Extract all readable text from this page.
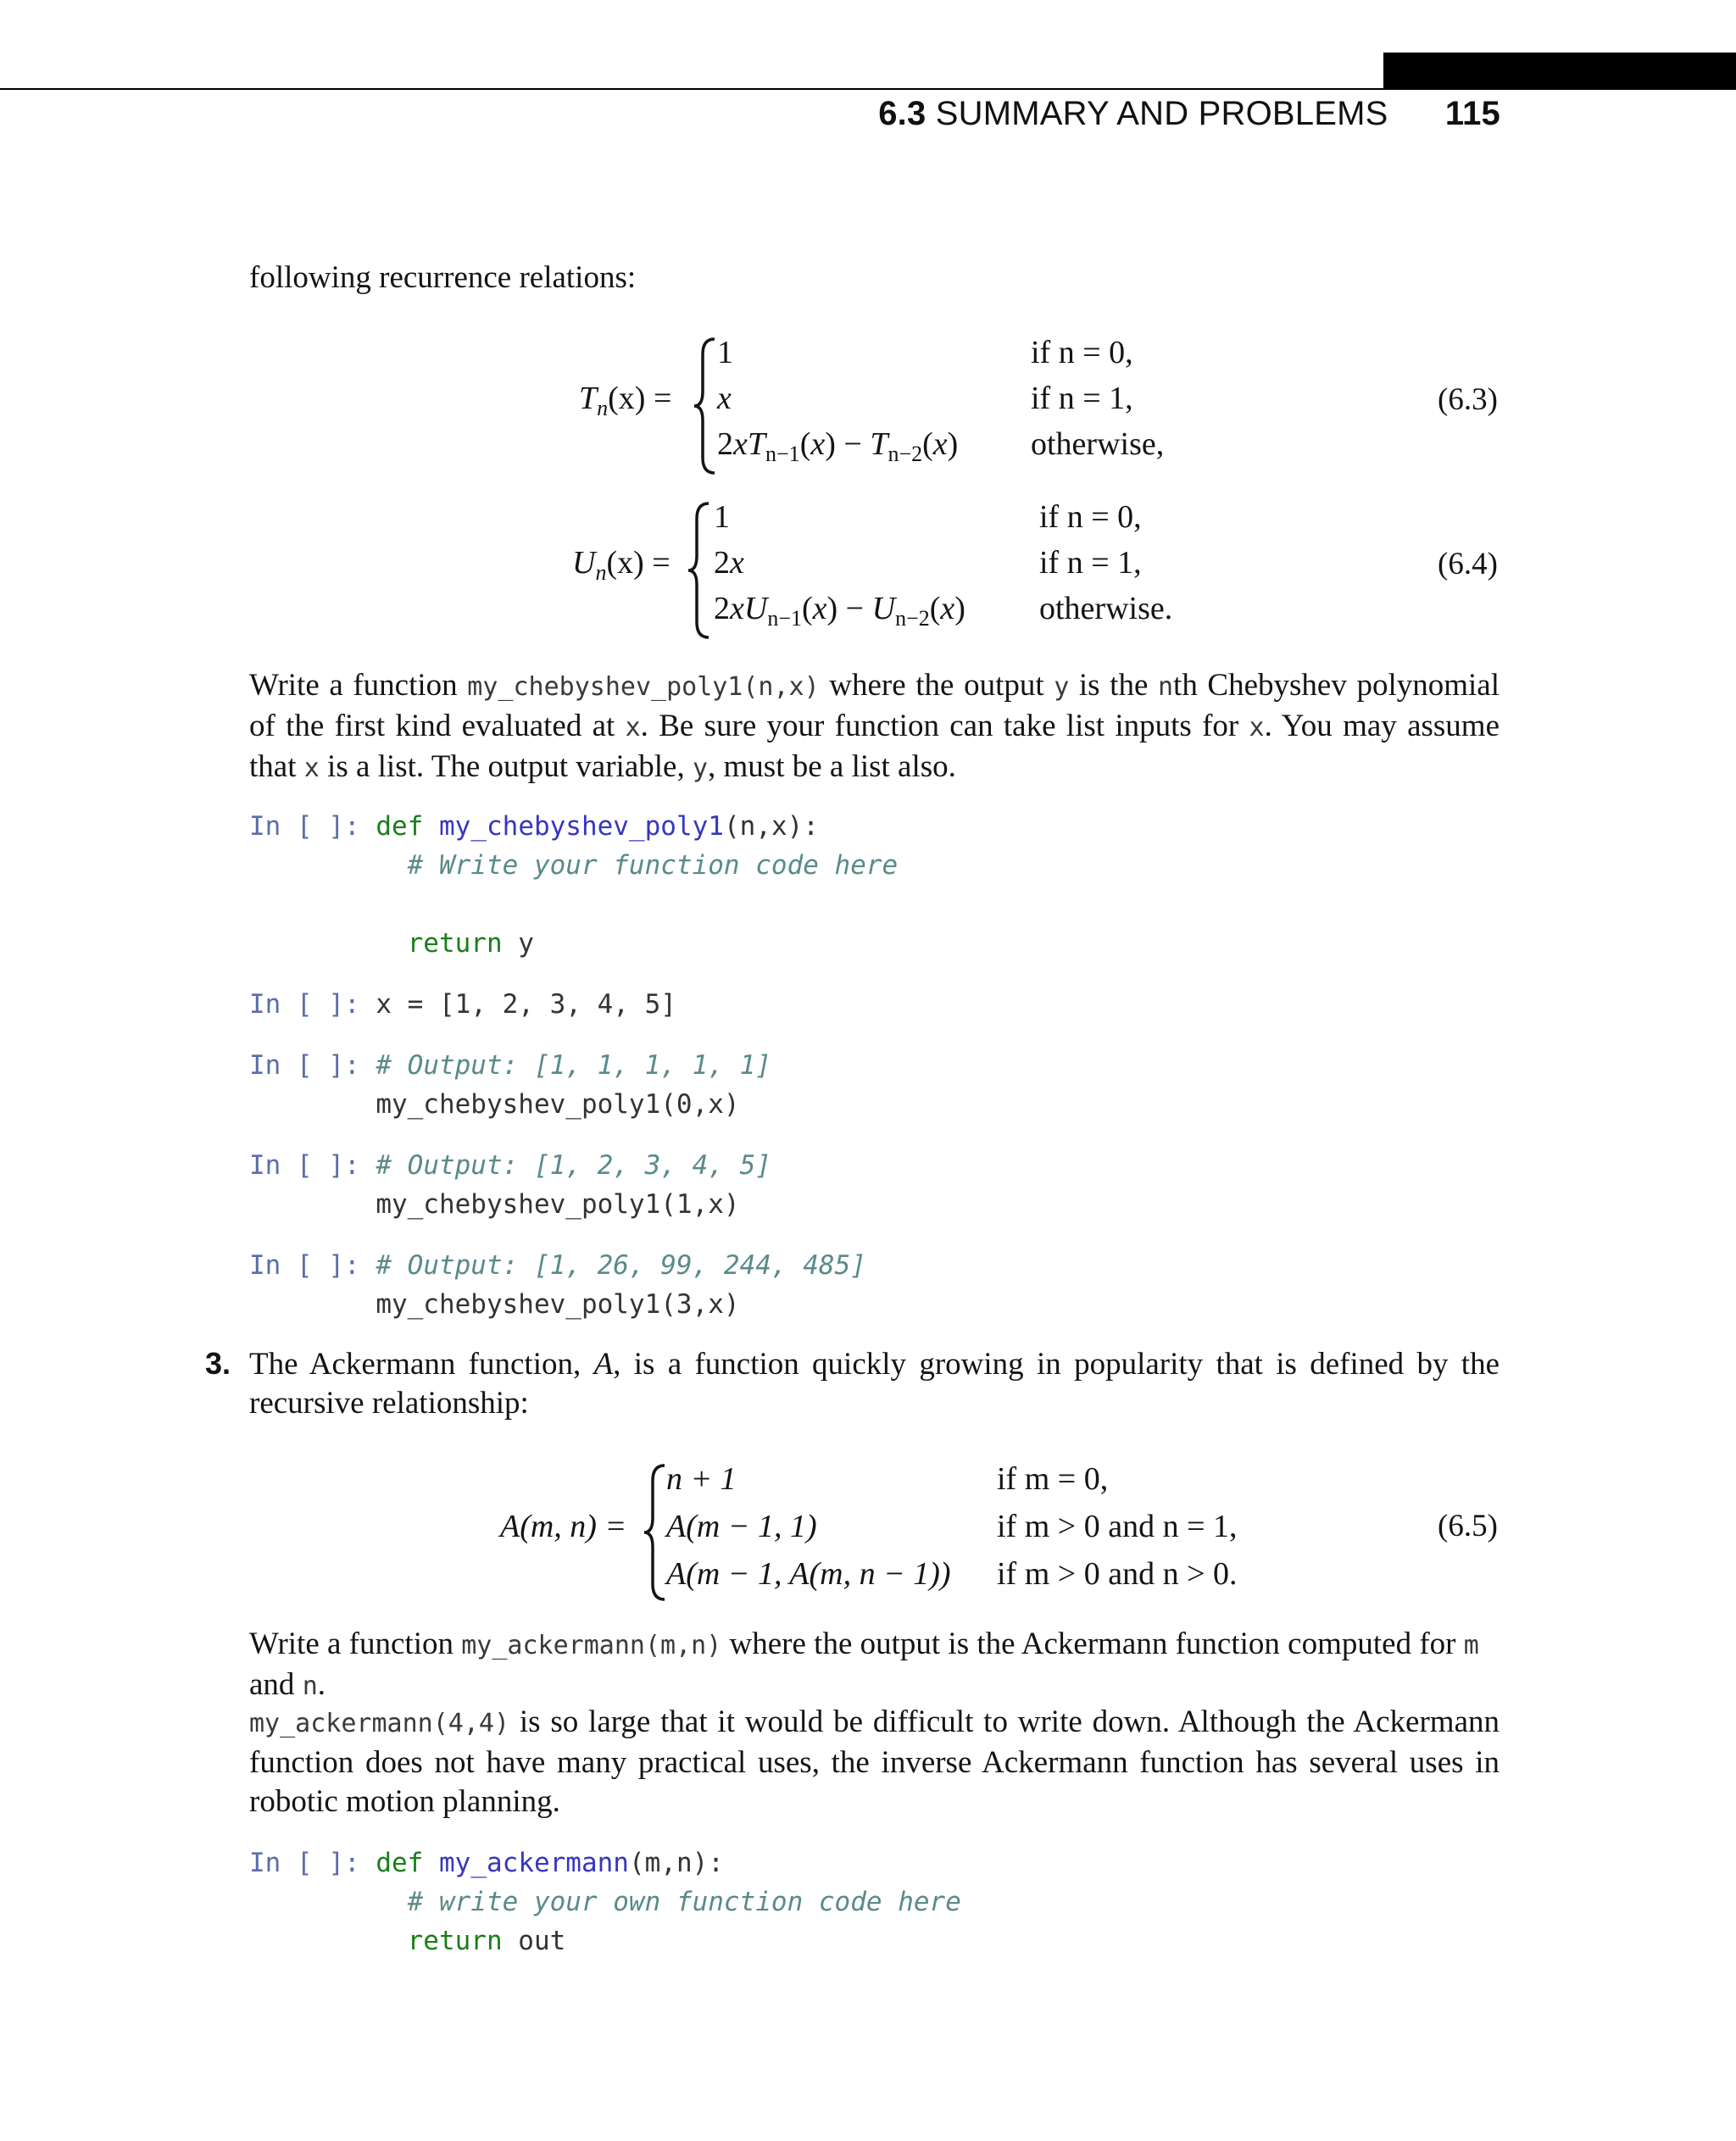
6.3 SUMMARY AND PROBLEMS 115
following recurrence relations:
$T_n(x)$ =
1
x
$2xT_{n-1}(x) - T_{n-2}(x)$
if n = 0,
if n = 1,
otherwise,
(6.3)
$U_n(x)$ =
1
2x
$2xU_{n-1}(x) - U_{n-2}(x)$
if n = 0,
if n = 1,
otherwise.
(6.4)
Write a function my_chebyshev_poly1(n,x) where the output y is the nth Chebyshev polynomial of the first kind evaluated at x. Be sure your function can take list inputs for x. You may assume that x is a list. The output variable, y, must be a list also.
In [ ]: def my_chebyshev_poly1(n,x):
# Write your function code here

return y
In [ ]: x = [1, 2, 3, 4, 5]
In [ ]: # Output: [1, 1, 1, 1, 1]
my_chebyshev_poly1(0,x)
In [ ]: # Output: [1, 2, 3, 4, 5]
my_chebyshev_poly1(1,x)
In [ ]: # Output: [1, 26, 99, 244, 485]
my_chebyshev_poly1(3,x)
3. The Ackermann function, A, is a function quickly growing in popularity that is defined by the recursive relationship:
A(m, n) =
n + 1
A(m − 1, 1)
A(m − 1, A(m, n − 1))
if m = 0,
if m > 0 and n = 1,
if m > 0 and n > 0.
(6.5)
Write a function my_ackermann(m,n) where the output is the Ackermann function computed for m
and n.
my_ackermann(4,4) is so large that it would be difficult to write down. Although the Ackermann function does not have many practical uses, the inverse Ackermann function has several uses in robotic motion planning.
In [ ]: def my_ackermann(m,n):
# write your own function code here
return out
